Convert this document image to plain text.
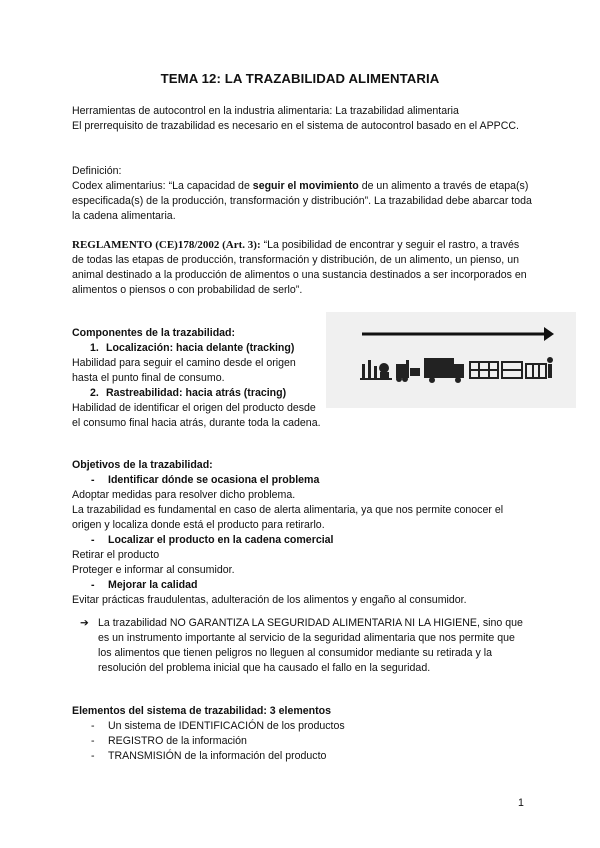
TEMA 12: LA TRAZABILIDAD ALIMENTARIA
Herramientas de autocontrol en la industria alimentaria: La trazabilidad alimentaria
El prerrequisito de trazabilidad es necesario en el sistema de autocontrol basado en el APPCC.
Definición:
Codex alimentarius: “La capacidad de seguir el movimiento de un alimento a través de etapa(s) especificada(s) de la producción, transformación y distribución”. La trazabilidad debe abarcar toda la cadena alimentaria.
REGLAMENTO (CE)178/2002 (Art. 3): “La posibilidad de encontrar y seguir el rastro, a través de todas las etapas de producción, transformación y distribución, de un alimento, un pienso, un animal destinado a la producción de alimentos o una sustancia destinados a ser incorporados en alimentos o piensos o con probabilidad de serlo”.
Componentes de la trazabilidad:
1. Localización: hacia delante (tracking)
Habilidad para seguir el camino desde el origen hasta el punto final de consumo.
2. Rastreabilidad: hacia atrás (tracing)
Habilidad de identificar el origen del producto desde el consumo final hacia atrás, durante toda la cadena.
Objetivos de la trazabilidad:
- Identificar dónde se ocasiona el problema
Adoptar medidas para resolver dicho problema.
La trazabilidad es fundamental en caso de alerta alimentaria, ya que nos permite conocer el origen y localiza donde está el producto para retirarlo.
- Localizar el producto en la cadena comercial
Retirar el producto
Proteger e informar al consumidor.
- Mejorar la calidad
Evitar prácticas fraudulentas, adulteración de los alimentos y engaño al consumidor.
➔ La trazabilidad NO GARANTIZA LA SEGURIDAD ALIMENTARIA NI LA HIGIENE, sino que es un instrumento importante al servicio de la seguridad alimentaria que nos permite que los alimentos que tienen peligros no lleguen al consumidor mediante su retirada y la resolución del problema inicial que ha causado el fallo en la seguridad.
Elementos del sistema de trazabilidad: 3 elementos
- Un sistema de IDENTIFICACIÓN de los productos
- REGISTRO de la información
- TRANSMISIÓN de la información del producto
1
